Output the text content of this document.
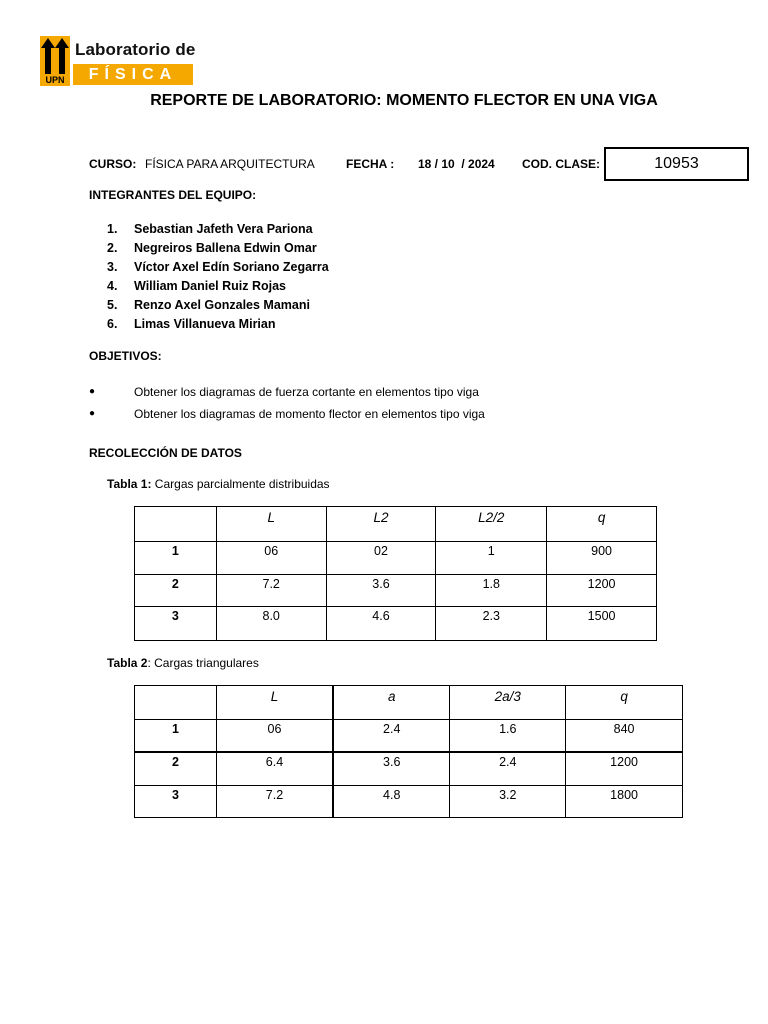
UPN
Laboratorio de
FÍSICA
REPORTE DE LABORATORIO: MOMENTO FLECTOR EN UNA VIGA
CURSO: FÍSICA PARA ARQUITECTURA	FECHA : 18 / 10  / 2024 COD. CLASE:	10953
INTEGRANTES DEL EQUIPO:
1.	Sebastian Jafeth Vera Pariona
2.	Negreiros Ballena Edwin Omar
3.	Víctor Axel Edín Soriano Zegarra
4.	William Daniel Ruiz Rojas
5.	Renzo Axel Gonzales Mamani
6.	Limas Villanueva Mirian
OBJETIVOS:
●	Obtener los diagramas de fuerza cortante en elementos tipo viga
●	Obtener los diagramas de momento flector en elementos tipo viga
RECOLECCIÓN DE DATOS
Tabla 1: Cargas parcialmente distribuidas
	L	L2	L2/2	q
1	06	02	1	900
2	7.2	3.6	1.8	1200
3	8.0	4.6	2.3	1500
Tabla 2: Cargas triangulares
	L	a	2a/3	q
1	06	2.4	1.6	840
2	6.4	3.6	2.4	1200
3	7.2	4.8	3.2	1800
